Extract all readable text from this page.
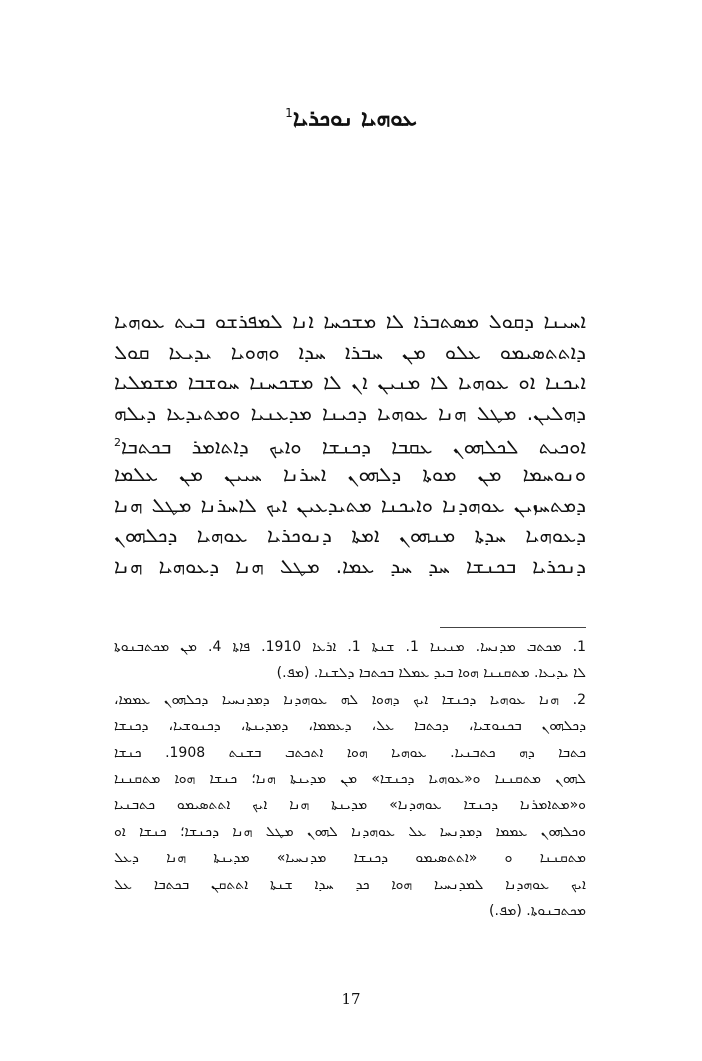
ܥܘܗܝܐ ܢܘܟܪܝܐ$^1$
ܐܚܝܢܐ ܕܩܘܠ ܡܣܬܒܪܐ ܠܐ ܡܫܟܚܐ ܐܢܐ ܠܡܦܪܫܘ ܒܝܬ ܥܘܗܝܐ
ܕܐܬܬܣܝܡܘ ܥܠܘ ܡܢ ܚܒܪܐ ܚܕܐ ܘܗܘܝܐ ܝܕܝܥܐ ܩܘܠ
ܐܝܟܢܐ ܐܘ ܥܘܗܝܐ ܠܐ ܡܢܝܢ ܐܢ ܠܐ ܡܫܟܚܢܐ ܚܘܫܒܐ ܡܫܡܠܝܐ
ܕܗܠܝܢ. ܡܛܠ ܗܢܐ ܥܘܗܝܐ ܕܟܝܢܐ ܡܕܥܢܝܐ ܘܡܬܝܕܥܐ ܕܝܠܗ
ܐܘܟܝܬ ܠܟܠܗܘܢ ܥܩܒܐ ܕܟܢܫܐ ܘܐܝܟ ܕܐܬܐܡܪ ܒܟܬܒܐ$^2$
ܘܢܘܚܡܐ ܡܢ ܡܘܬܐ ܕܠܗܘܢ ܐܚܪܢܐ ܚܝܝܢ ܡܢ ܥܠܡܐ
ܕܡܬܚܙܝܢ ܥܘܗܕܢܐ ܘܐܝܟܢܐ ܡܬܝܕܥܝܢ ܐܝܟ ܠܐܚܪܢܐ ܡܛܠ ܗܢܐ
ܕܥܘܗܝܐ ܚܕܬܐ ܡܢܗܘܢ ܐܡܬܐ ܕܢܘܟܪܝܐ ܥܘܗܝܐ ܕܟܠܗܘܢ
ܕܢܟܪܝܐ ܒܟܢܫܐ ܚܕ ܚܕ ܥܡܐ. ܡܛܠ ܗܢܐ ܕܥܘܗܝܐ ܗܢܐ
1. ܡܟܬܒ ܡܕܢܚܐ. ܡܢܝܢܐ 1. ܫܢܬܐ 1. ܐܪܥܐ 1910. ܦܐܬܐ 4. ܡܢ ܡܟܬܒܢܘܬܐ
ܠܐ ܝܕܝܥܐ. ܡܬܩܢܢܐ ܗܘܐ ܒܝܕ ܥܡܠܐ ܒܟܬܒܐ ܕܠܫܢܐ. (ܡܦ.)
2. ܗܢܐ ܥܘܗܝܐ ܕܟܢܫܐ ܐܝܟ ܕܗܘܐ ܠܗ ܥܘܗܕܢܐ ܕܡܕܢܚܝܐ ܕܟܠܗܘܢ ܥܡܡܐ،
ܕܟܠܗܘܢ ܒܟܢܘܫܝܐ، ܕܟܬܒܐ ܥܠ، ܕܥܡܡܐ، ܕܡܕܝܢܬܐ، ܕܟܢܘܫܝܐ، ܕܟܢܫܐ
ܟܬܒܐ ܕܗ ܟܬܒܢܝܐ. ܥܘܗܝܐ ܗܘܐ ܐܬܟܬܒ ܒܫܢܬ 1908. ܟܢܫܐ
ܠܗܘܢ ܡܬܩܢܢܐ ܘ«ܥܘܗܝܐ ܕܟܢܫܐ» ܡܢ ܡܕܝܢܬܐ ܗܢܐ؛ ܟܢܫܐ ܗܘܐ ܡܬܩܢܢܐ
ܘ«ܡܬܐܡܪܢܐ ܕܟܢܫܐ ܥܘܗܕܢܐ» ܡܕܝܢܬܐ ܗܢܐ ܐܝܟ ܐܬܬܣܝܡܘ ܟܬܒܢܝܐ
ܘܟܠܗܘܢ ܥܡܡܐ ܕܡܕܢܚܐ ܥܠ ܥܘܗܕܢܐ ܠܗܘܢ ܡܛܠ ܗܢܐ ܕܟܢܫܐ؛ ܟܢܫܐ ܐܘ
ܡܬܩܢܢܐ ܘ «ܐܬܬܣܝܡܘ ܕܟܢܫܐ ܡܕܢܚܝܐ» ܡܕܝܢܬܐ ܗܢܐ ܕܥܠ
ܐܝܟ ܥܘܗܕܢܐ ܠܡܕܢܚܝܐ ܗܘܐ ܟܕ ܚܕܐ ܫܢܬܐ ܐܬܬܩܢ ܒܟܬܒܐ ܥܠ
ܡܟܬܒܢܘܬܐ. (ܡܦ.)
17
